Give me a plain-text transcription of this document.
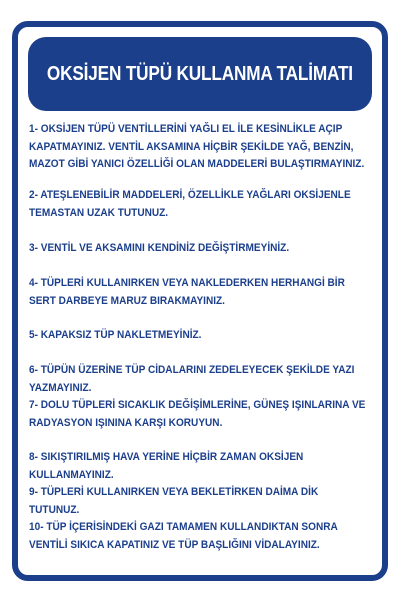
OKSİJEN TÜPÜ KULLANMA TALİMATI
1- OKSİJEN TÜPÜ VENTİLLERİNİ YAĞLI EL İLE KESİNLİKLE AÇIP KAPATMAYINIZ. VENTİL AKSAMINA HİÇBİR ŞEKİLDE YAĞ, BENZİN, MAZOT GİBİ YANICI ÖZELLİĞİ OLAN MADDELERİ BULAŞTIRMAYINIZ.
2- ATEŞLENEBİLİR MADDELERİ, ÖZELLİKLE YAĞLARI OKSİJENLE TEMASTAN UZAK TUTUNUZ.
3- VENTİL VE AKSAMINI KENDİNİZ DEĞİŞTİRMEYİNİZ.
4- TÜPLERİ KULLANIRKEN VEYA NAKLEDERKEN HERHANGİ BİR SERT DARBEYE MARUZ BIRAKMAYINIZ.
5- KAPAKSIZ TÜP NAKLETMEYİNİZ.
6- TÜPÜN ÜZERİNE TÜP CİDALARINI ZEDELEYECEK ŞEKİLDE YAZI YAZMAYINIZ.
7- DOLU TÜPLERİ SICAKLIK DEĞİŞİMLERİNE, GÜNEŞ IŞINLARINA VE RADYASYON IŞININA KARŞI KORUYUN.
8- SIKIŞTIRILMIŞ HAVA YERİNE HİÇBİR ZAMAN OKSİJEN KULLANMAYINIZ.
9- TÜPLERİ KULLANIRKEN VEYA BEKLETİRKEN DAİMA DİK TUTUNUZ.
10- TÜP İÇERİSİNDEKİ GAZI TAMAMEN KULLANDIKTAN SONRA VENTİLİ SIKICA KAPATINIZ VE TÜP BAŞLIĞINI VİDALAYINIZ.
